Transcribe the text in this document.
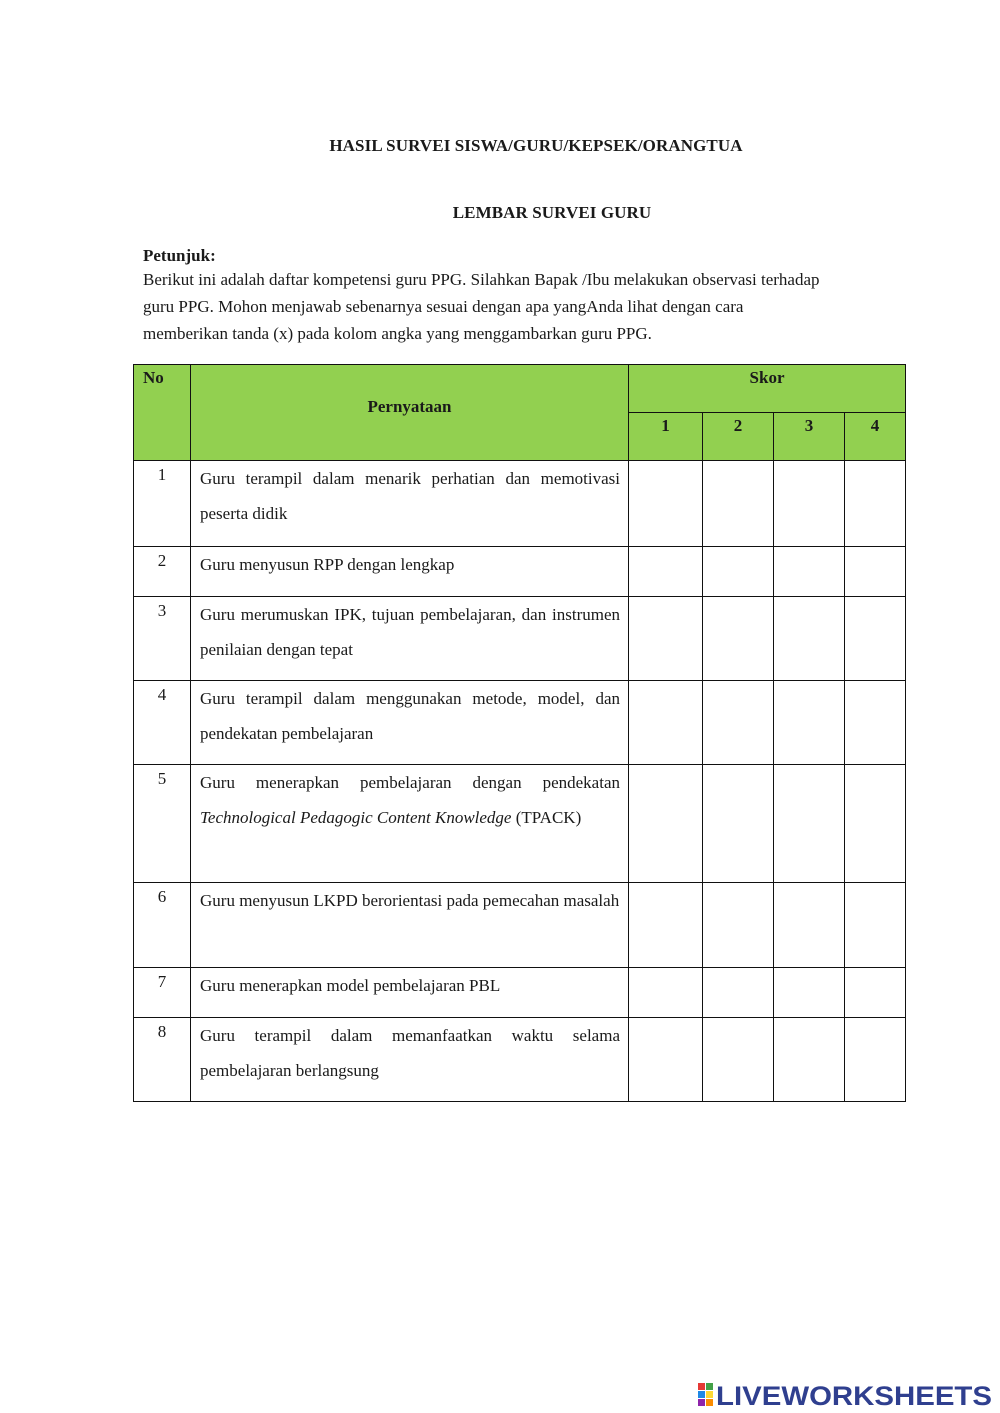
HASIL SURVEI SISWA/GURU/KEPSEK/ORANGTUA
LEMBAR SURVEI GURU
Petunjuk:
Berikut ini adalah daftar kompetensi guru PPG. Silahkan Bapak /Ibu melakukan observasi terhadap
guru PPG. Mohon menjawab sebenarnya sesuai dengan apa yangAnda lihat dengan cara
memberikan tanda (x) pada kolom angka yang menggambarkan guru PPG.
No	Pernyataan	Skor			
		1	2	3	4
1	Guru terampil dalam menarik perhatian dan memotivasi peserta didik				
2	Guru menyusun RPP dengan lengkap				
3	Guru merumuskan IPK, tujuan pembelajaran, dan instrumen penilaian dengan tepat				
4	Guru terampil dalam menggunakan metode, model, dan pendekatan pembelajaran				
5	Guru menerapkan pembelajaran dengan pendekatan Technological Pedagogic Content Knowledge (TPACK)				
6	Guru menyusun LKPD berorientasi pada pemecahan masalah				
7	Guru menerapkan model pembelajaran PBL				
8	Guru terampil dalam memanfaatkan waktu selama pembelajaran berlangsung				
LIVEWORKSHEETS
